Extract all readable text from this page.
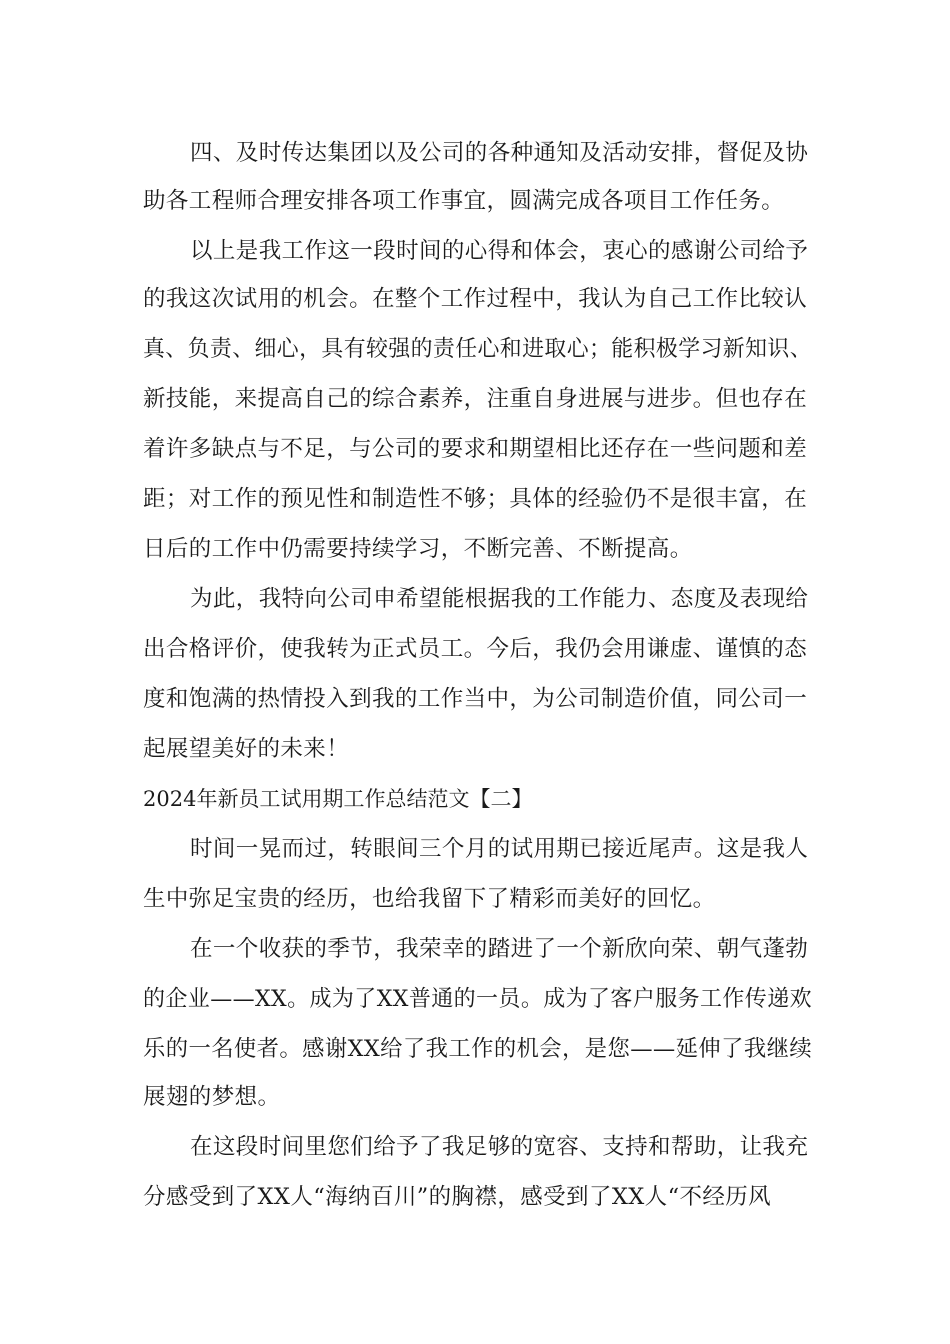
四、及时传达集团以及公司的各种通知及活动安排，督促及协
助各工程师合理安排各项工作事宜，圆满完成各项目工作任务。
以上是我工作这一段时间的心得和体会，衷心的感谢公司给予
的我这次试用的机会。在整个工作过程中，我认为自己工作比较认
真、负责、细心，具有较强的责任心和进取心；能积极学习新知识、
新技能，来提高自己的综合素养，注重自身进展与进步。但也存在
着许多缺点与不足，与公司的要求和期望相比还存在一些问题和差
距；对工作的预见性和制造性不够；具体的经验仍不是很丰富，在
日后的工作中仍需要持续学习，不断完善、不断提高。
为此，我特向公司申希望能根据我的工作能力、态度及表现给
出合格评价，使我转为正式员工。今后，我仍会用谦虚、谨慎的态
度和饱满的热情投入到我的工作当中，为公司制造价值，同公司一
起展望美好的未来！
2024年新员工试用期工作总结范文【二】
时间一晃而过，转眼间三个月的试用期已接近尾声。这是我人
生中弥足宝贵的经历，也给我留下了精彩而美好的回忆。
在一个收获的季节，我荣幸的踏进了一个新欣向荣、朝气蓬勃
的企业——XX。成为了XX普通的一员。成为了客户服务工作传递欢
乐的一名使者。感谢XX给了我工作的机会，是您——延伸了我继续
展翅的梦想。
在这段时间里您们给予了我足够的宽容、支持和帮助，让我充
分感受到了XX人“海纳百川”的胸襟，感受到了XX人“不经历风
